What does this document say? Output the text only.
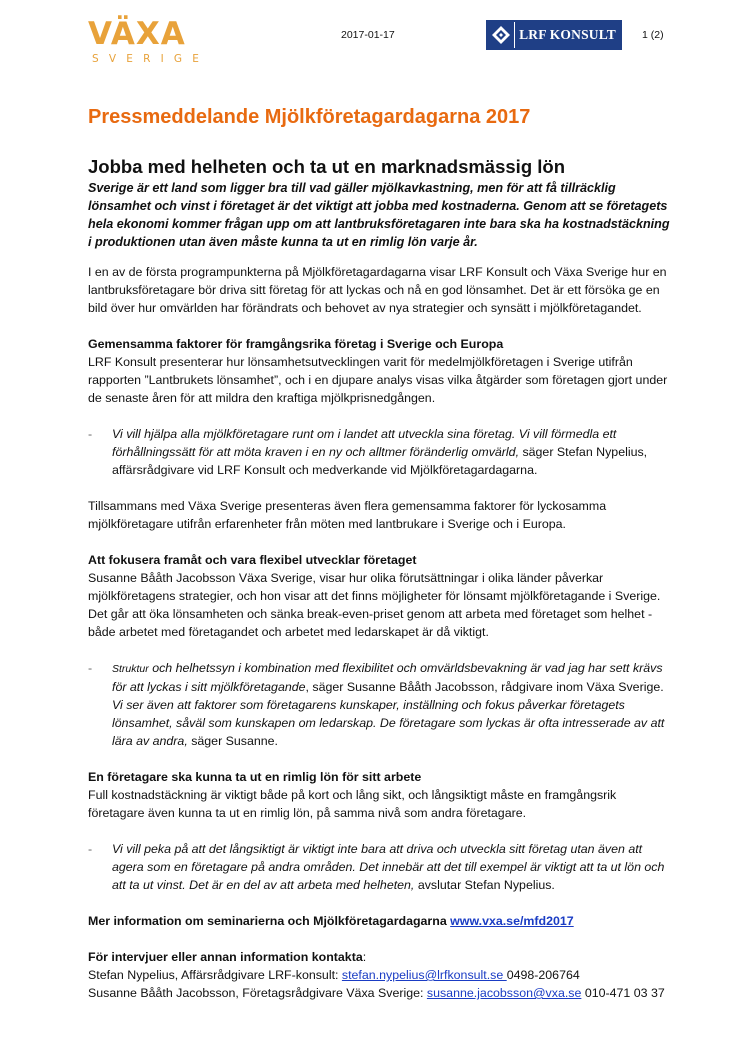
VÄXA
SVERIGE
2017-01-17	LRF KONSULT	1 (2)
Pressmeddelande Mjölkföretagardagarna 2017
Jobba med helheten och ta ut en marknadsmässig lön
Sverige är ett land som ligger bra till vad gäller mjölkavkastning, men för att få tillräcklig lönsamhet och vinst i företaget är det viktigt att jobba med kostnaderna. Genom att se företagets hela ekonomi kommer frågan upp om att lantbruksföretagaren inte bara ska ha kostnadstäckning i produktionen utan även måste kunna ta ut en rimlig lön varje år.

I en av de första programpunkterna på Mjölkföretagardagarna visar LRF Konsult och Växa Sverige hur en lantbruksföretagare bör driva sitt företag för att lyckas och nå en god lönsamhet. Det är ett försöka ge en bild över hur omvärlden har förändrats och behovet av nya strategier och synsätt i mjölkföretagandet.

Gemensamma faktorer för framgångsrika företag i Sverige och Europa
LRF Konsult presenterar hur lönsamhetsutvecklingen varit för medelmjölkföretagen i Sverige utifrån rapporten ”Lantbrukets lönsamhet”, och i en djupare analys visas vilka åtgärder som företagen gjort under de senaste åren för att mildra den kraftiga mjölkprisnedgången.

-	Vi vill hjälpa alla mjölkföretagare runt om i landet att utveckla sina företag. Vi vill förmedla ett förhållningssätt för att möta kraven i en ny och alltmer föränderlig omvärld, säger Stefan Nypelius, affärsrådgivare vid LRF Konsult och medverkande vid Mjölkföretagardagarna.

Tillsammans med Växa Sverige presenteras även flera gemensamma faktorer för lyckosamma mjölkföretagare utifrån erfarenheter från möten med lantbrukare i Sverige och i Europa.

Att fokusera framåt och vara flexibel utvecklar företaget
Susanne Bååth Jacobsson Växa Sverige, visar hur olika förutsättningar i olika länder påverkar mjölkföretagens strategier, och hon visar att det finns möjligheter för lönsamt mjölkföretagande i Sverige. Det går att öka lönsamheten och sänka break-even-priset genom att arbeta med företaget som helhet - både arbetet med företagandet och arbetet med ledarskapet är då viktigt.

-	Struktur och helhetssyn i kombination med flexibilitet och omvärldsbevakning är vad jag har sett krävs för att lyckas i sitt mjölkföretagande, säger Susanne Bååth Jacobsson, rådgivare inom Växa Sverige. Vi ser även att faktorer som företagarens kunskaper, inställning och fokus påverkar företagets lönsamhet, såväl som kunskapen om ledarskap. De företagare som lyckas är ofta intresserade av att lära av andra, säger Susanne.

En företagare ska kunna ta ut en rimlig lön för sitt arbete
Full kostnadstäckning är viktigt både på kort och lång sikt, och långsiktigt måste en framgångsrik företagare även kunna ta ut en rimlig lön, på samma nivå som andra företagare.

-	Vi vill peka på att det långsiktigt är viktigt inte bara att driva och utveckla sitt företag utan även att agera som en företagare på andra områden. Det innebär att det till exempel är viktigt att ta ut lön och att ta ut vinst. Det är en del av att arbeta med helheten, avslutar Stefan Nypelius.

Mer information om seminarierna och Mjölkföretagardagarna www.vxa.se/mfd2017

För intervjuer eller annan information kontakta:
Stefan Nypelius, Affärsrådgivare LRF-konsult: stefan.nypelius@lrfkonsult.se 0498-206764
Susanne Bååth Jacobsson, Företagsrådgivare Växa Sverige: susanne.jacobsson@vxa.se 010-471 03 37
